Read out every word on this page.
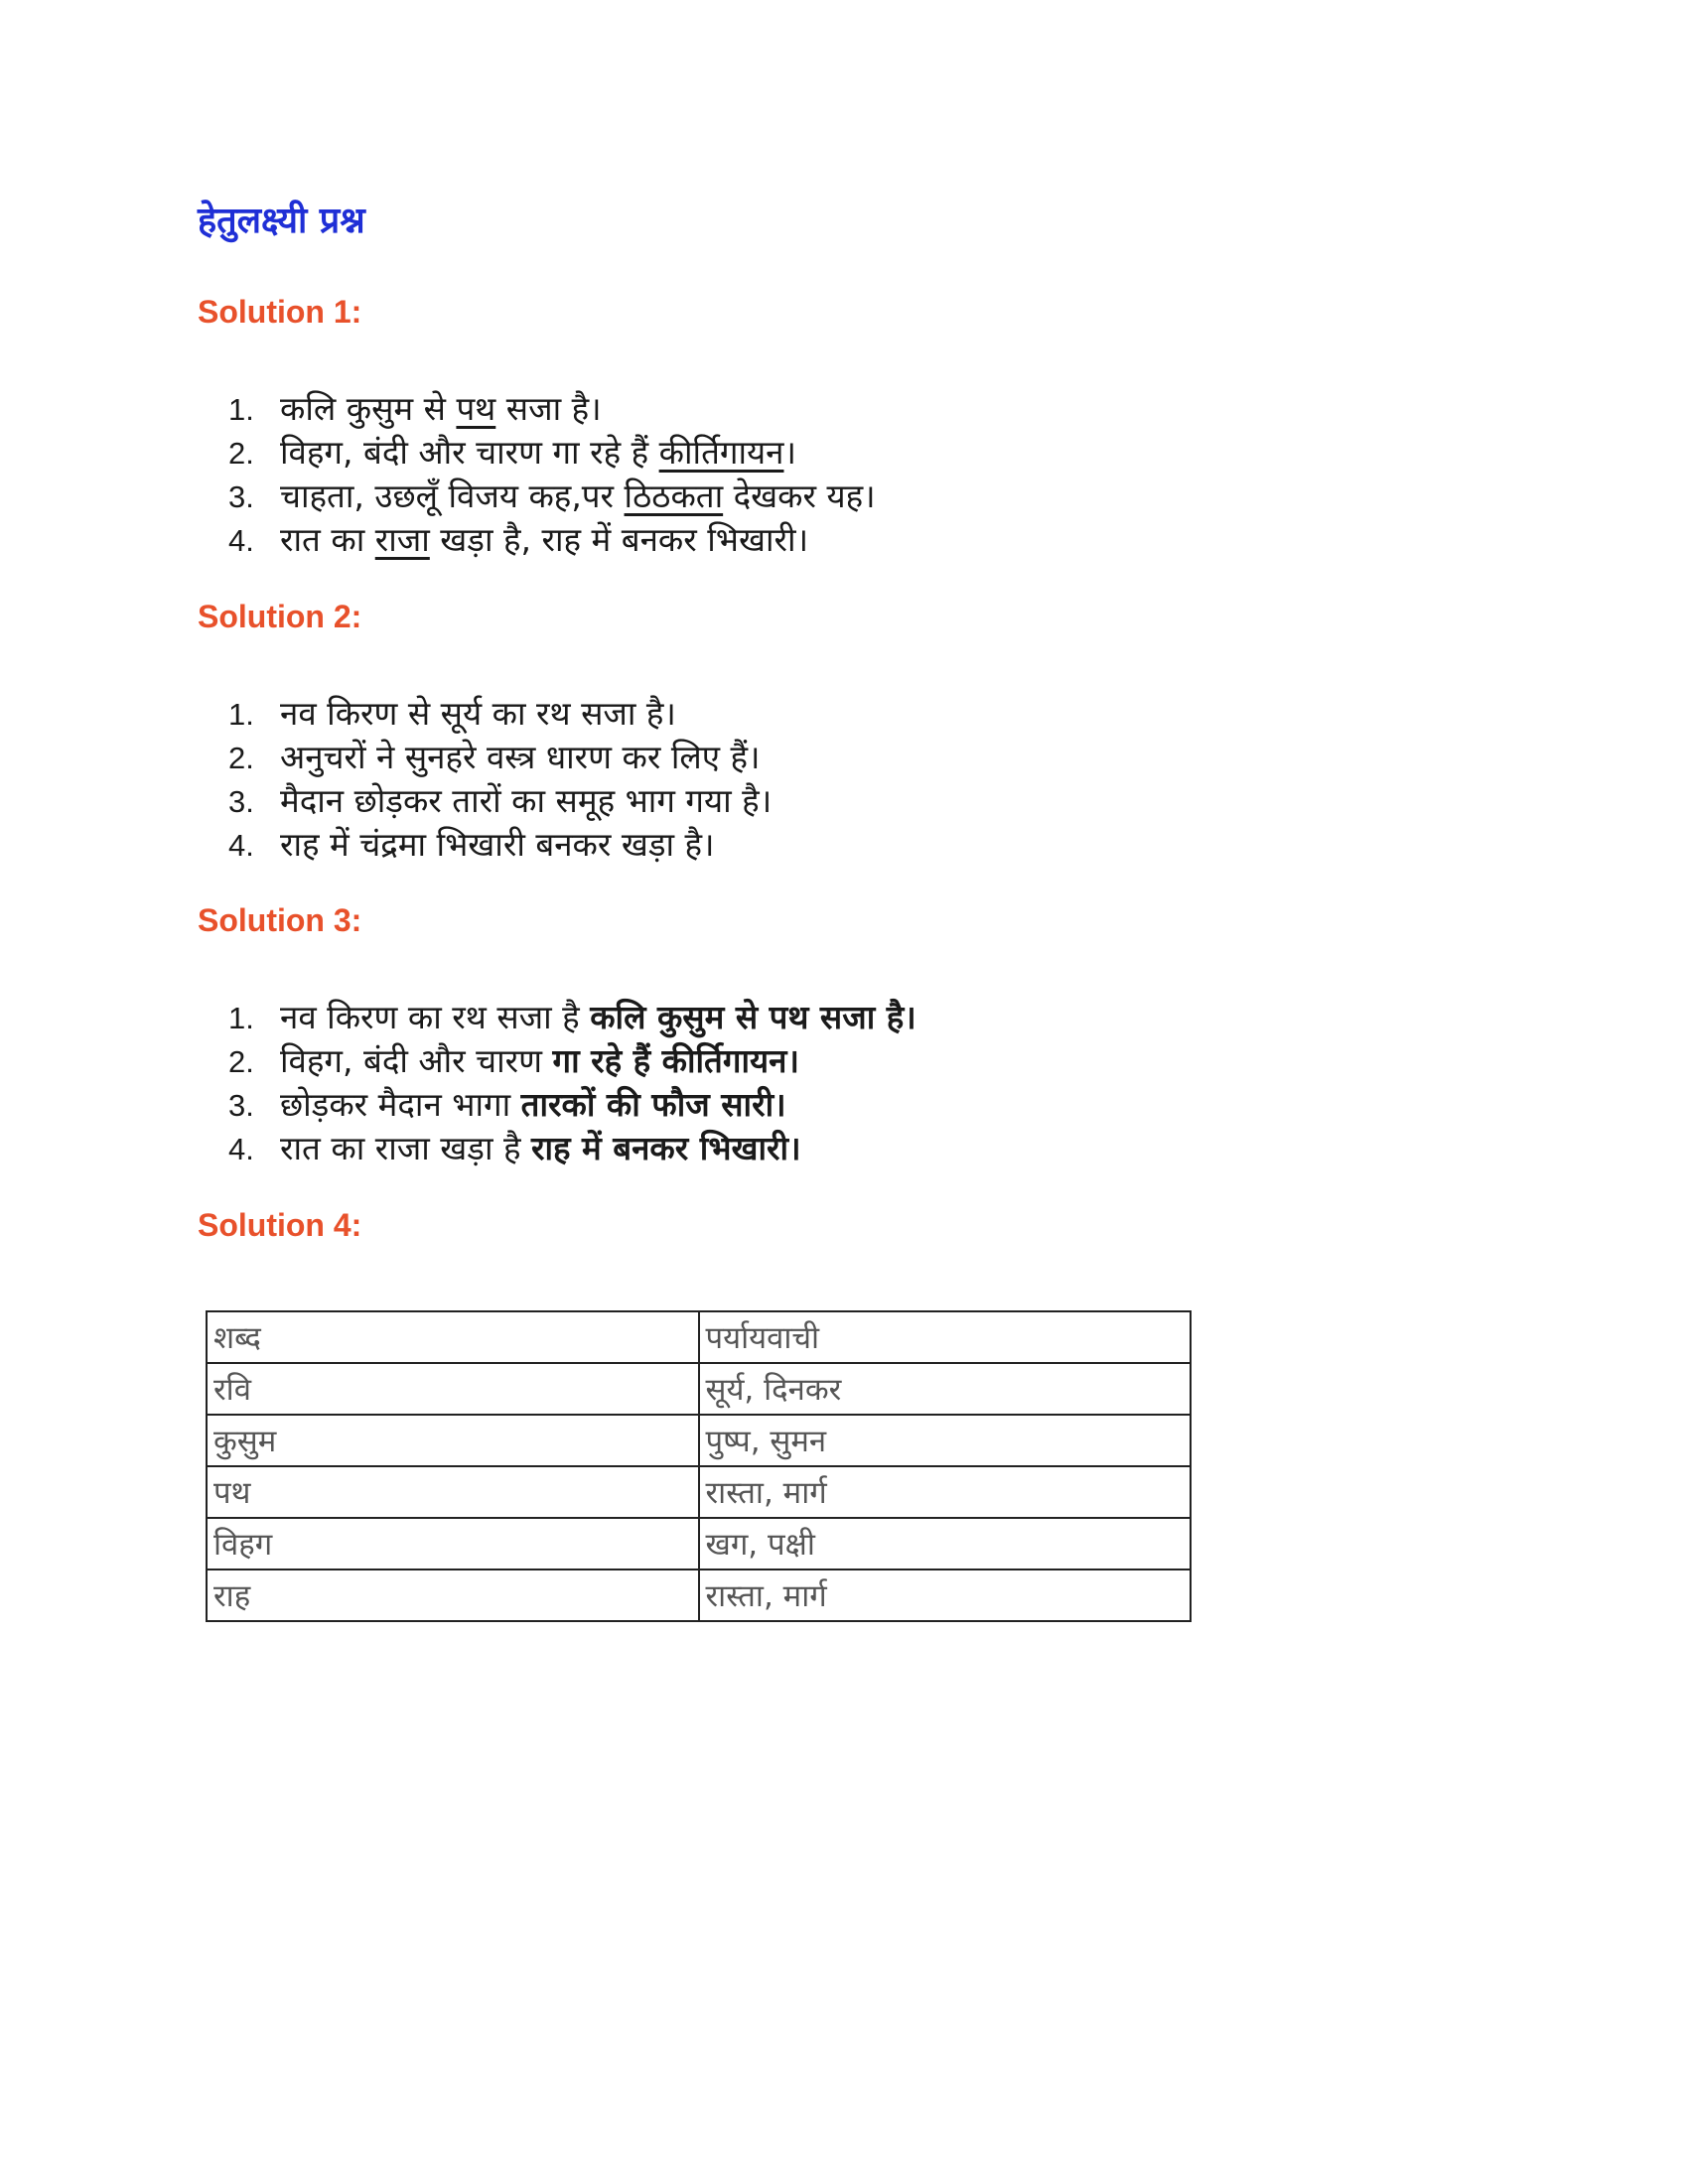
हेतुलक्ष्यी प्रश्न
Solution 1:
1. कलि कुसुम से पथ सजा है।
2. विहग, बंदी और चारण गा रहे हैं कीर्तिगायन।
3. चाहता, उछलूँ विजय कह,पर ठिठकता देखकर यह।
4. रात का राजा खड़ा है, राह में बनकर भिखारी।
Solution 2:
1. नव किरण से सूर्य का रथ सजा है।
2. अनुचरों ने सुनहरे वस्त्र धारण कर लिए हैं।
3. मैदान छोड़कर तारों का समूह भाग गया है।
4. राह में चंद्रमा भिखारी बनकर खड़ा है।
Solution 3:
1. नव किरण का रथ सजा है कलि कुसुम से पथ सजा है।
2. विहग, बंदी और चारण गा रहे हैं कीर्तिगायन।
3. छोड़कर मैदान भागा तारकों की फौज सारी।
4. रात का राजा खड़ा है राह में बनकर भिखारी।
Solution 4:
शब्द	पर्यायवाची
रवि	सूर्य, दिनकर
कुसुम	पुष्प, सुमन
पथ	रास्ता, मार्ग
विहग	खग, पक्षी
राह	रास्ता, मार्ग
